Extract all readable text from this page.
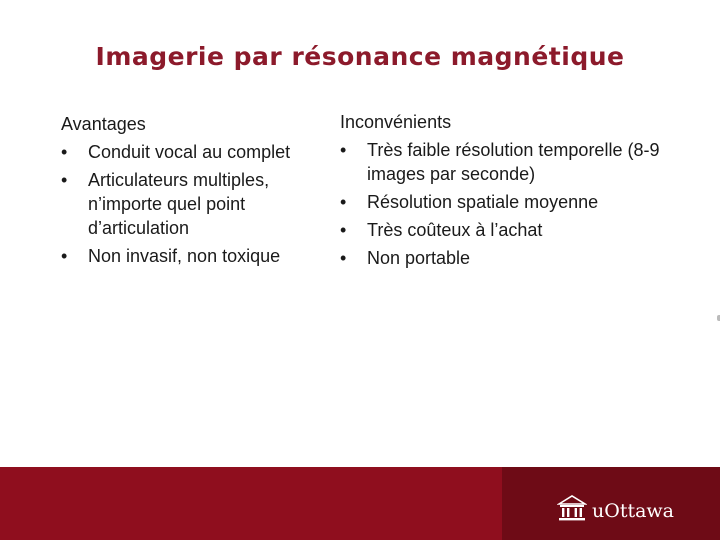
Imagerie par résonance magnétique
Avantages
• Conduit vocal au complet
• Articulateurs multiples, n’importe quel point d’articulation
• Non invasif, non toxique
Inconvénients
• Très faible résolution temporelle (8-9 images par seconde)
• Résolution spatiale moyenne
• Très coûteux à l’achat
• Non portable
uOttawa
